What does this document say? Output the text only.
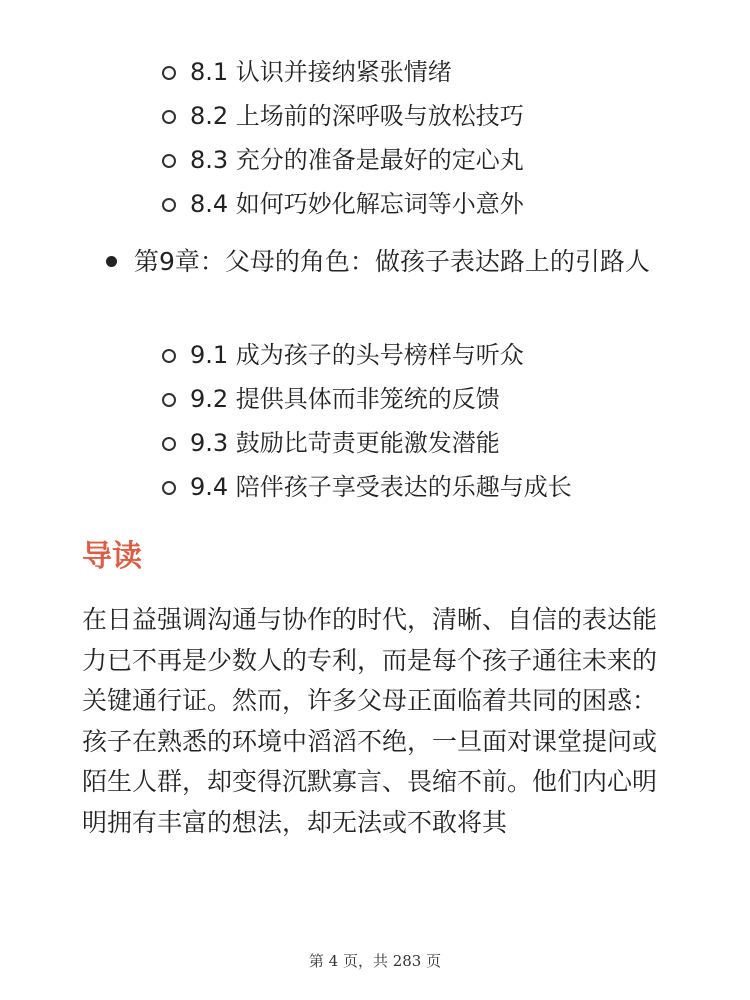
8.1 认识并接纳紧张情绪
8.2 上场前的深呼吸与放松技巧
8.3 充分的准备是最好的定心丸
8.4 如何巧妙化解忘词等小意外
第9章：父母的角色：做孩子表达路上的引路人
9.1 成为孩子的头号榜样与听众
9.2 提供具体而非笼统的反馈
9.3 鼓励比苛责更能激发潜能
9.4 陪伴孩子享受表达的乐趣与成长
导读

在日益强调沟通与协作的时代，清晰、自信的表达能力已不再是少数人的专利，而是每个孩子通往未来的关键通行证。然而，许多父母正面临着共同的困惑：孩子在熟悉的环境中滔滔不绝，一旦面对课堂提问或陌生人群，却变得沉默寡言、畏缩不前。他们内心明明拥有丰富的想法，却无法或不敢将其

第 4 页，共 283 页
